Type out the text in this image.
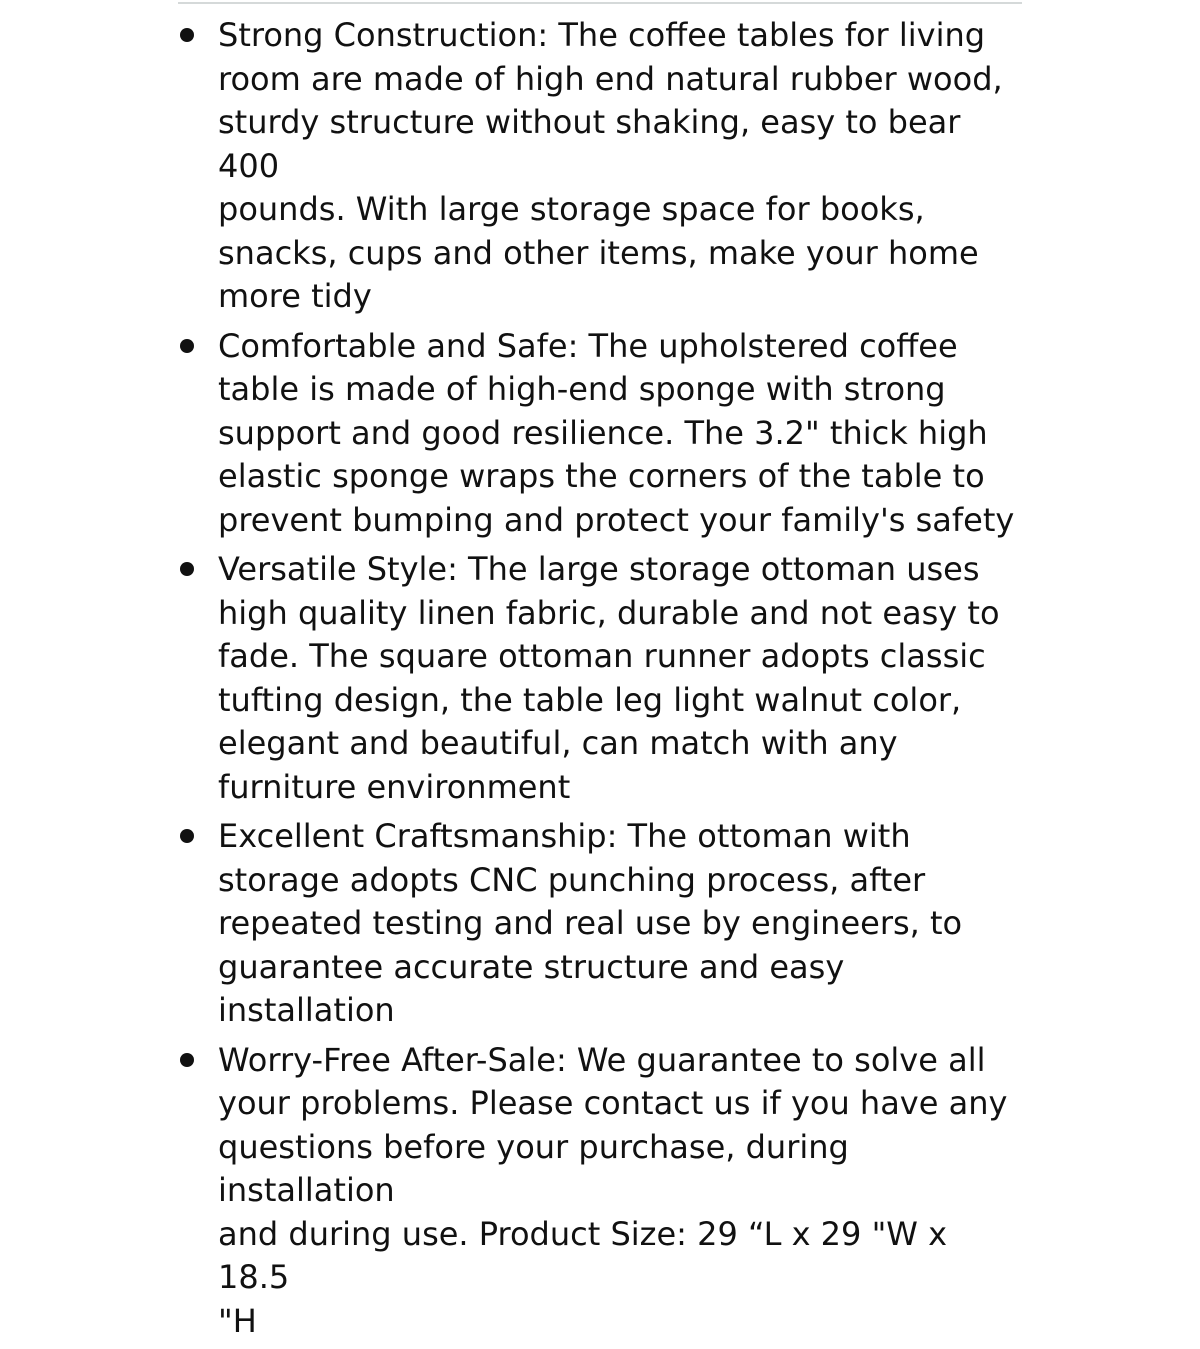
Strong Construction: The coffee tables for living
room are made of high end natural rubber wood,
sturdy structure without shaking, easy to bear 400
pounds. With large storage space for books,
snacks, cups and other items, make your home
more tidy
Comfortable and Safe: The upholstered coffee
table is made of high-end sponge with strong
support and good resilience. The 3.2" thick high
elastic sponge wraps the corners of the table to
prevent bumping and protect your family's safety
Versatile Style: The large storage ottoman uses
high quality linen fabric, durable and not easy to
fade. The square ottoman runner adopts classic
tufting design, the table leg light walnut color,
elegant and beautiful, can match with any
furniture environment
Excellent Craftsmanship: The ottoman with
storage adopts CNC punching process, after
repeated testing and real use by engineers, to
guarantee accurate structure and easy installation
Worry-Free After-Sale: We guarantee to solve all
your problems. Please contact us if you have any
questions before your purchase, during installation
and during use. Product Size: 29 “L x 29 "W x 18.5
"H
